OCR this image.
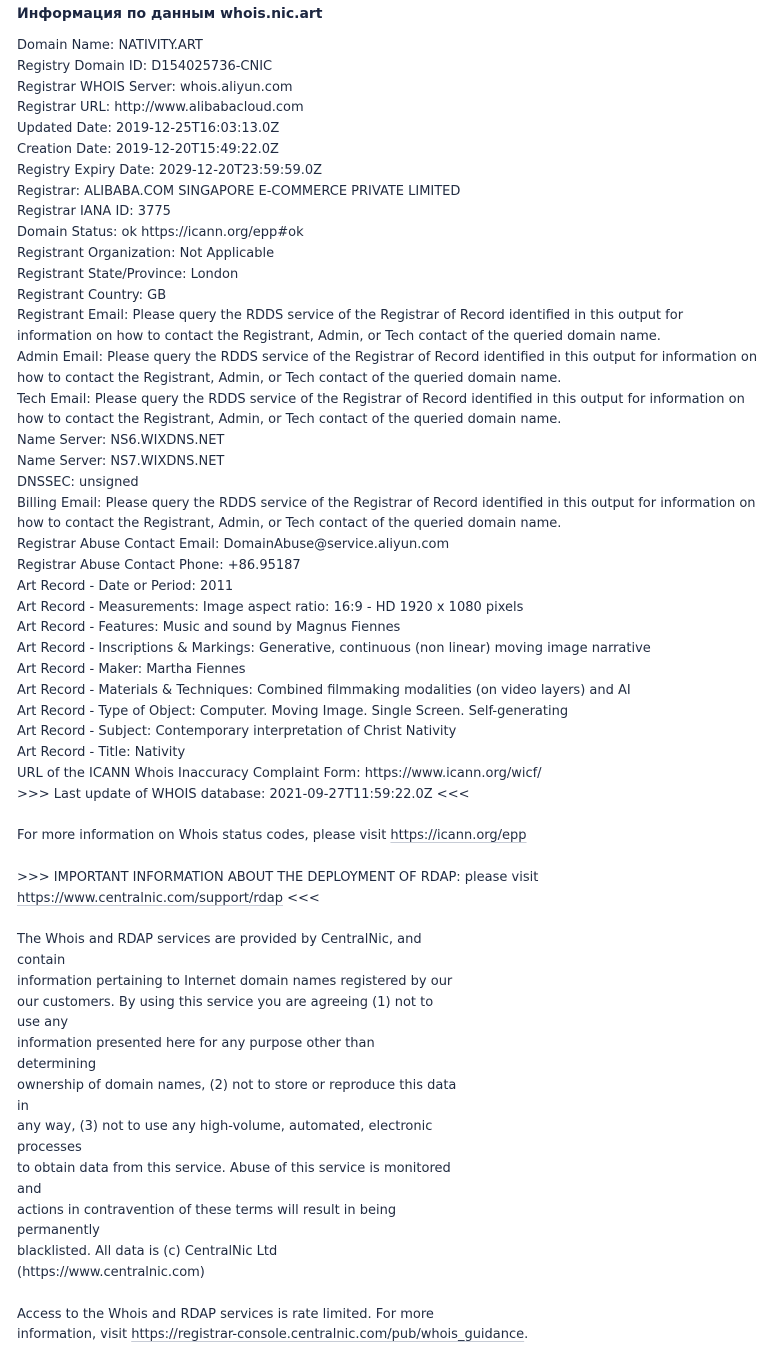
Информация по данным whois.nic.art
Domain Name: NATIVITY.ART
Registry Domain ID: D154025736-CNIC
Registrar WHOIS Server: whois.aliyun.com
Registrar URL: http://www.alibabacloud.com
Updated Date: 2019-12-25T16:03:13.0Z
Creation Date: 2019-12-20T15:49:22.0Z
Registry Expiry Date: 2029-12-20T23:59:59.0Z
Registrar: ALIBABA.COM SINGAPORE E-COMMERCE PRIVATE LIMITED
Registrar IANA ID: 3775
Domain Status: ok https://icann.org/epp#ok
Registrant Organization: Not Applicable
Registrant State/Province: London
Registrant Country: GB
Registrant Email: Please query the RDDS service of the Registrar of Record identified in this output for information on how to contact the Registrant, Admin, or Tech contact of the queried domain name.
Admin Email: Please query the RDDS service of the Registrar of Record identified in this output for information on how to contact the Registrant, Admin, or Tech contact of the queried domain name.
Tech Email: Please query the RDDS service of the Registrar of Record identified in this output for information on how to contact the Registrant, Admin, or Tech contact of the queried domain name.
Name Server: NS6.WIXDNS.NET
Name Server: NS7.WIXDNS.NET
DNSSEC: unsigned
Billing Email: Please query the RDDS service of the Registrar of Record identified in this output for information on how to contact the Registrant, Admin, or Tech contact of the queried domain name.
Registrar Abuse Contact Email: DomainAbuse@service.aliyun.com
Registrar Abuse Contact Phone: +86.95187
Art Record - Date or Period: 2011
Art Record - Measurements: Image aspect ratio: 16:9 - HD 1920 x 1080 pixels
Art Record - Features: Music and sound by Magnus Fiennes
Art Record - Inscriptions & Markings: Generative, continuous (non linear) moving image narrative
Art Record - Maker: Martha Fiennes
Art Record - Materials & Techniques: Combined filmmaking modalities (on video layers) and AI
Art Record - Type of Object: Computer. Moving Image. Single Screen. Self-generating
Art Record - Subject: Contemporary interpretation of Christ Nativity
Art Record - Title: Nativity
URL of the ICANN Whois Inaccuracy Complaint Form: https://www.icann.org/wicf/
>>> Last update of WHOIS database: 2021-09-27T11:59:22.0Z <<<
For more information on Whois status codes, please visit https://icann.org/epp
>>> IMPORTANT INFORMATION ABOUT THE DEPLOYMENT OF RDAP: please visit
https://www.centralnic.com/support/rdap <<<
The Whois and RDAP services are provided by CentralNic, and contain
information pertaining to Internet domain names registered by our
our customers. By using this service you are agreeing (1) not to use any
information presented here for any purpose other than determining
ownership of domain names, (2) not to store or reproduce this data in
any way, (3) not to use any high-volume, automated, electronic processes
to obtain data from this service. Abuse of this service is monitored and
actions in contravention of these terms will result in being permanently
blacklisted. All data is (c) CentralNic Ltd (https://www.centralnic.com)
Access to the Whois and RDAP services is rate limited. For more
information, visit https://registrar-console.centralnic.com/pub/whois_guidance.
